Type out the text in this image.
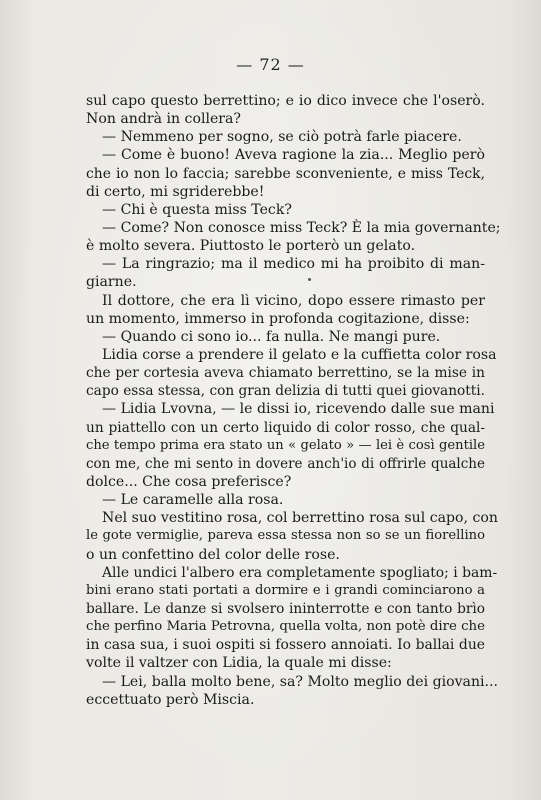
— 72 —
sul capo questo berrettino; e io dico invece che l'oserò.
Non andrà in collera?
— Nemmeno per sogno, se ciò potrà farle piacere.
— Come è buono! Aveva ragione la zia... Meglio però
che io non lo faccia; sarebbe sconveniente, e miss Teck,
di certo, mi sgriderebbe!
— Chi è questa miss Teck?
— Come? Non conosce miss Teck? È la mia governante;
è molto severa. Piuttosto le porterò un gelato.
— La ringrazio; ma il medico mi ha proibito di man-
giarne.
Il dottore, che era lì vicino, dopo essere rimasto per
un momento, immerso in profonda cogitazione, disse:
— Quando ci sono io... fa nulla. Ne mangi pure.
Lidia corse a prendere il gelato e la cuffietta color rosa
che per cortesia aveva chiamato berrettino, se la mise in
capo essa stessa, con gran delizia di tutti quei giovanotti.
— Lidia Lvovna, — le dissi io, ricevendo dalle sue mani
un piattello con un certo liquido di color rosso, che qual-
che tempo prima era stato un « gelato » — lei è così gentile
con me, che mi sento in dovere anch'io di offrirle qualche
dolce... Che cosa preferisce?
— Le caramelle alla rosa.
Nel suo vestitino rosa, col berrettino rosa sul capo, con
le gote vermiglie, pareva essa stessa non so se un fiorellino
o un confettino del color delle rose.
Alle undici l'albero era completamente spogliato; i bam-
bini erano stati portati a dormire e i grandi cominciarono a
ballare. Le danze si svolsero ininterrotte e con tanto brìo
che perfino Maria Petrovna, quella volta, non potè dire che
in casa sua, i suoi ospiti si fossero annoiati. Io ballai due
volte il valtzer con Lidia, la quale mi disse:
— Lei, balla molto bene, sa? Molto meglio dei giovani...
eccettuato però Miscia.
